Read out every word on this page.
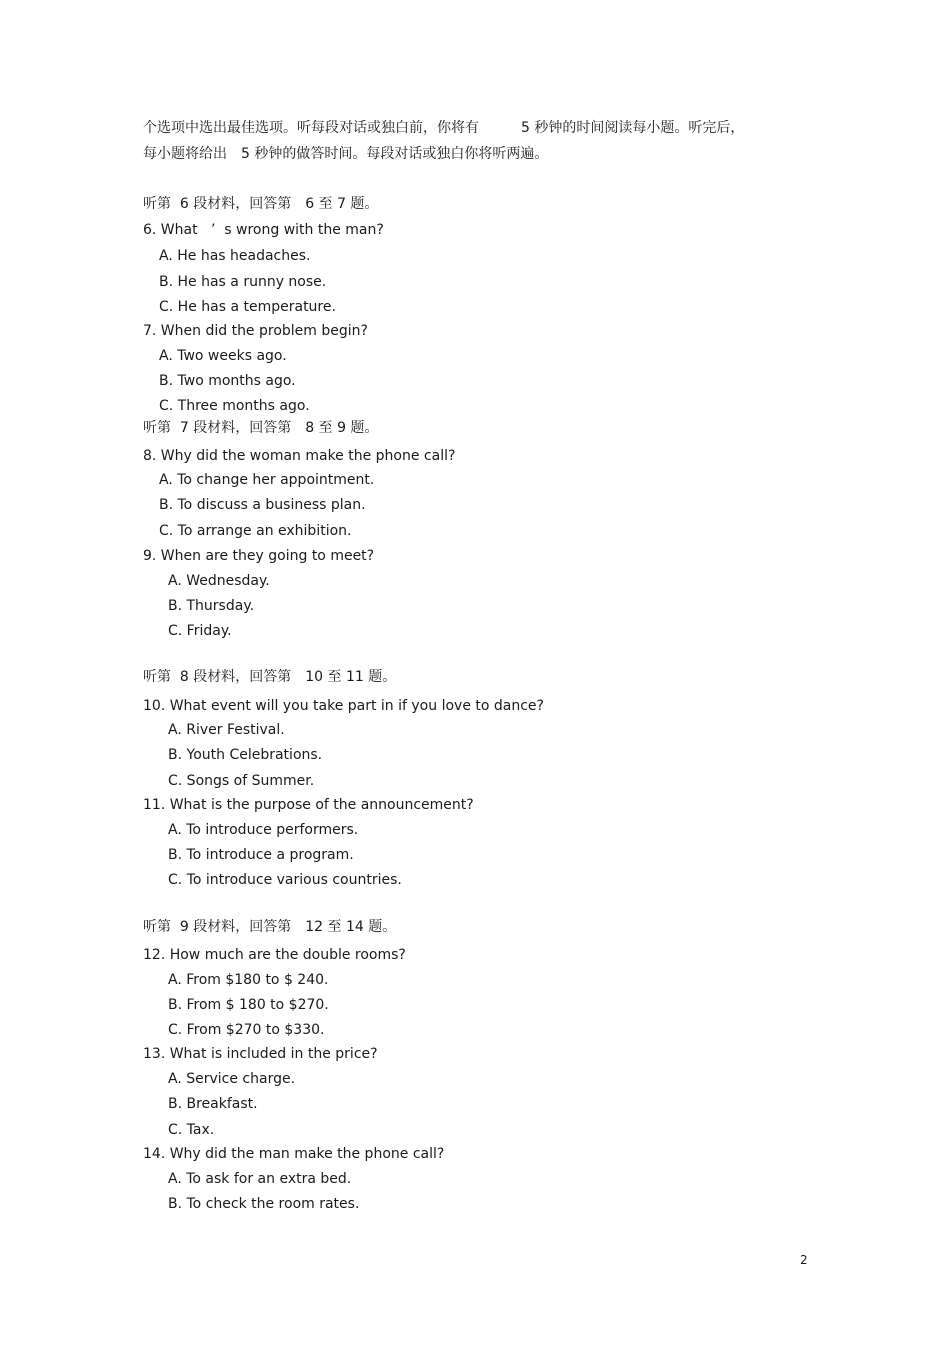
个选项中选出最佳选项。听每段对话或独白前，你将有　　　5 秒钟的时间阅读每小题。听完后，
每小题将给出　5 秒钟的做答时间。每段对话或独白你将听两遍。
听第  6 段材料，回答第　6 至 7 题。
6. What   ’  s wrong with the man?
A. He has headaches.
B. He has a runny nose.
C. He has a temperature.
7. When did the problem begin?
A. Two weeks ago.
B. Two months ago.
C. Three months ago.
听第  7 段材料，回答第　8 至 9 题。
8. Why did the woman make the phone call?
A. To change her appointment.
B. To discuss a business plan.
C. To arrange an exhibition.
9. When are they going to meet?
A. Wednesday.
B. Thursday.
C. Friday.
听第  8 段材料，回答第　10 至 11 题。
10. What event will you take part in if you love to dance?
A. River Festival.
B. Youth Celebrations.
C. Songs of Summer.
11. What is the purpose of the announcement?
A. To introduce performers.
B. To introduce a program.
C. To introduce various countries.
听第  9 段材料，回答第　12 至 14 题。
12. How much are the double rooms?
A. From $180 to $ 240.
B. From $ 180 to $270.
C. From $270 to $330.
13. What is included in the price?
A. Service charge.
B. Breakfast.
C. Tax.
14. Why did the man make the phone call?
A. To ask for an extra bed.
B. To check the room rates.
2
